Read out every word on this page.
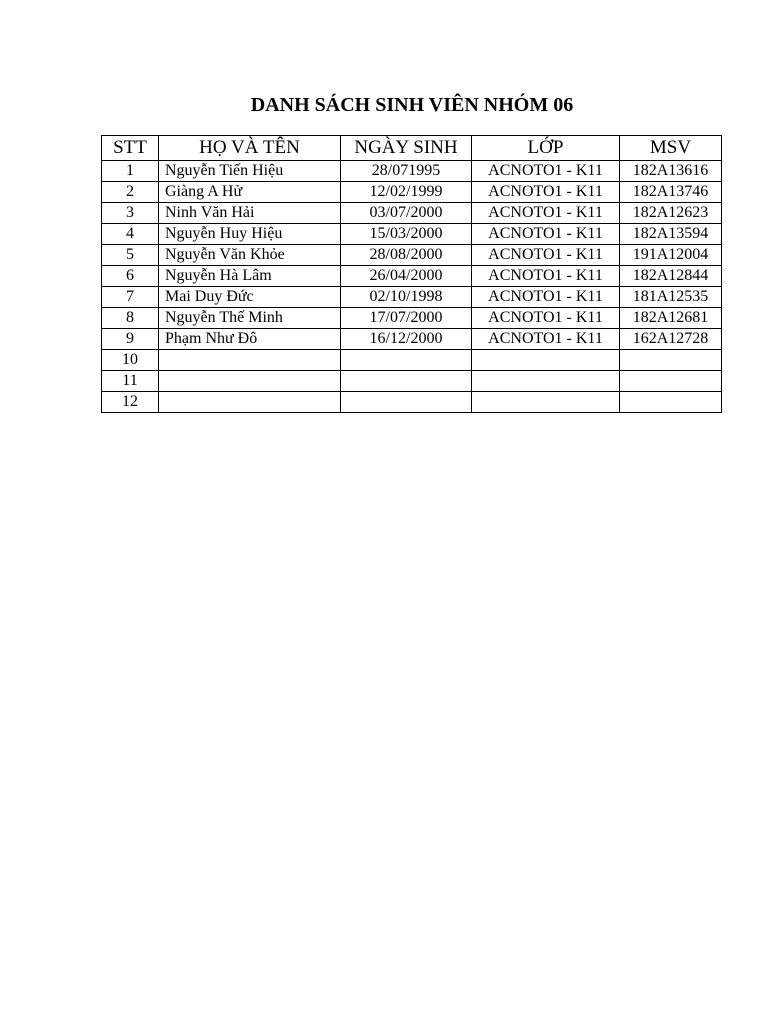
DANH SÁCH SINH VIÊN NHÓM 06
STT	HỌ VÀ TÊN	NGÀY SINH	LỚP	MSV
1	Nguyễn Tiến Hiệu	28/071995	ACNOTO1 - K11	182A13616
2	Giàng A Hử	12/02/1999	ACNOTO1 - K11	182A13746
3	Ninh Văn Hải	03/07/2000	ACNOTO1 - K11	182A12623
4	Nguyễn Huy Hiệu	15/03/2000	ACNOTO1 - K11	182A13594
5	Nguyễn Văn Khỏe	28/08/2000	ACNOTO1 - K11	191A12004
6	Nguyễn Hà Lâm	26/04/2000	ACNOTO1 - K11	182A12844
7	Mai Duy Đức	02/10/1998	ACNOTO1 - K11	181A12535
8	Nguyễn Thế Minh	17/07/2000	ACNOTO1 - K11	182A12681
9	Phạm Như Đô	16/12/2000	ACNOTO1 - K11	162A12728
10				
11				
12				
